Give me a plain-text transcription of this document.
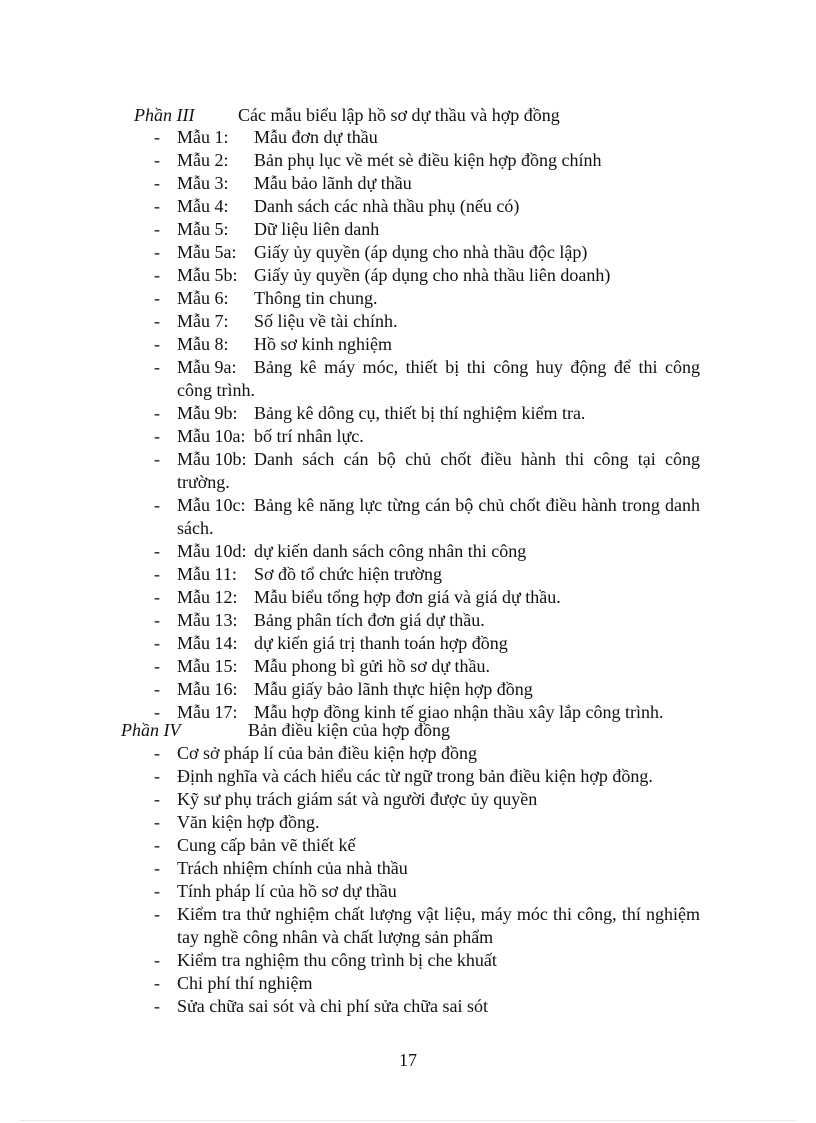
Phần III Các mẫu biểu lập hồ sơ dự thầu và hợp đồng
- Mẫu 1: Mẫu đơn dự thầu
- Mẫu 2: Bản phụ lục về mét sè điều kiện hợp đồng chính
- Mẫu 3: Mẫu bảo lãnh dự thầu
- Mẫu 4: Danh sách các nhà thầu phụ (nếu có)
- Mẫu 5: Dữ liệu liên danh
- Mẫu 5a: Giấy ủy quyền (áp dụng cho nhà thầu độc lập)
- Mẫu 5b: Giấy ủy quyền (áp dụng cho nhà thầu liên doanh)
- Mẫu 6: Thông tin chung.
- Mẫu 7: Số liệu về tài chính.
- Mẫu 8: Hồ sơ kinh nghiệm
- Mẫu 9a: Bảng kê máy móc, thiết bị thi công huy động để thi công công trình.
- Mẫu 9b: Bảng kê dông cụ, thiết bị thí nghiệm kiểm tra.
- Mẫu 10a: bố trí nhân lực.
- Mẫu 10b: Danh sách cán bộ chủ chốt điều hành thi công tại công trường.
- Mẫu 10c: Bảng kê năng lực từng cán bộ chủ chốt điều hành trong danh sách.
- Mẫu 10d: dự kiến danh sách công nhân thi công
- Mẫu 11: Sơ đồ tổ chức hiện trường
- Mẫu 12: Mẫu biểu tổng hợp đơn giá và giá dự thầu.
- Mẫu 13: Bảng phân tích đơn giá dự thầu.
- Mẫu 14: dự kiến giá trị thanh toán hợp đồng
- Mẫu 15: Mẫu phong bì gửi hồ sơ dự thầu.
- Mẫu 16: Mẫu giấy bảo lãnh thực hiện hợp đồng
- Mẫu 17: Mẫu hợp đồng kinh tế giao nhận thầu xây lắp công trình.
Phần IV	Bản điều kiện của hợp đồng
- Cơ sở pháp lí của bản điều kiện hợp đồng
- Định nghĩa và cách hiểu các từ ngữ trong bản điều kiện hợp đồng.
- Kỹ sư phụ trách giám sát và người được ủy quyền
- Văn kiện hợp đồng.
- Cung cấp bản vẽ thiết kế
- Trách nhiệm chính của nhà thầu
- Tính pháp lí của hồ sơ dự thầu
- Kiểm tra thử nghiệm chất lượng vật liệu, máy móc thi công, thí nghiệm tay nghề công nhân và chất lượng sản phẩm
- Kiểm tra nghiệm thu công trình bị che khuất
- Chi phí thí nghiệm
- Sửa chữa sai sót và chi phí sửa chữa sai sót
17
